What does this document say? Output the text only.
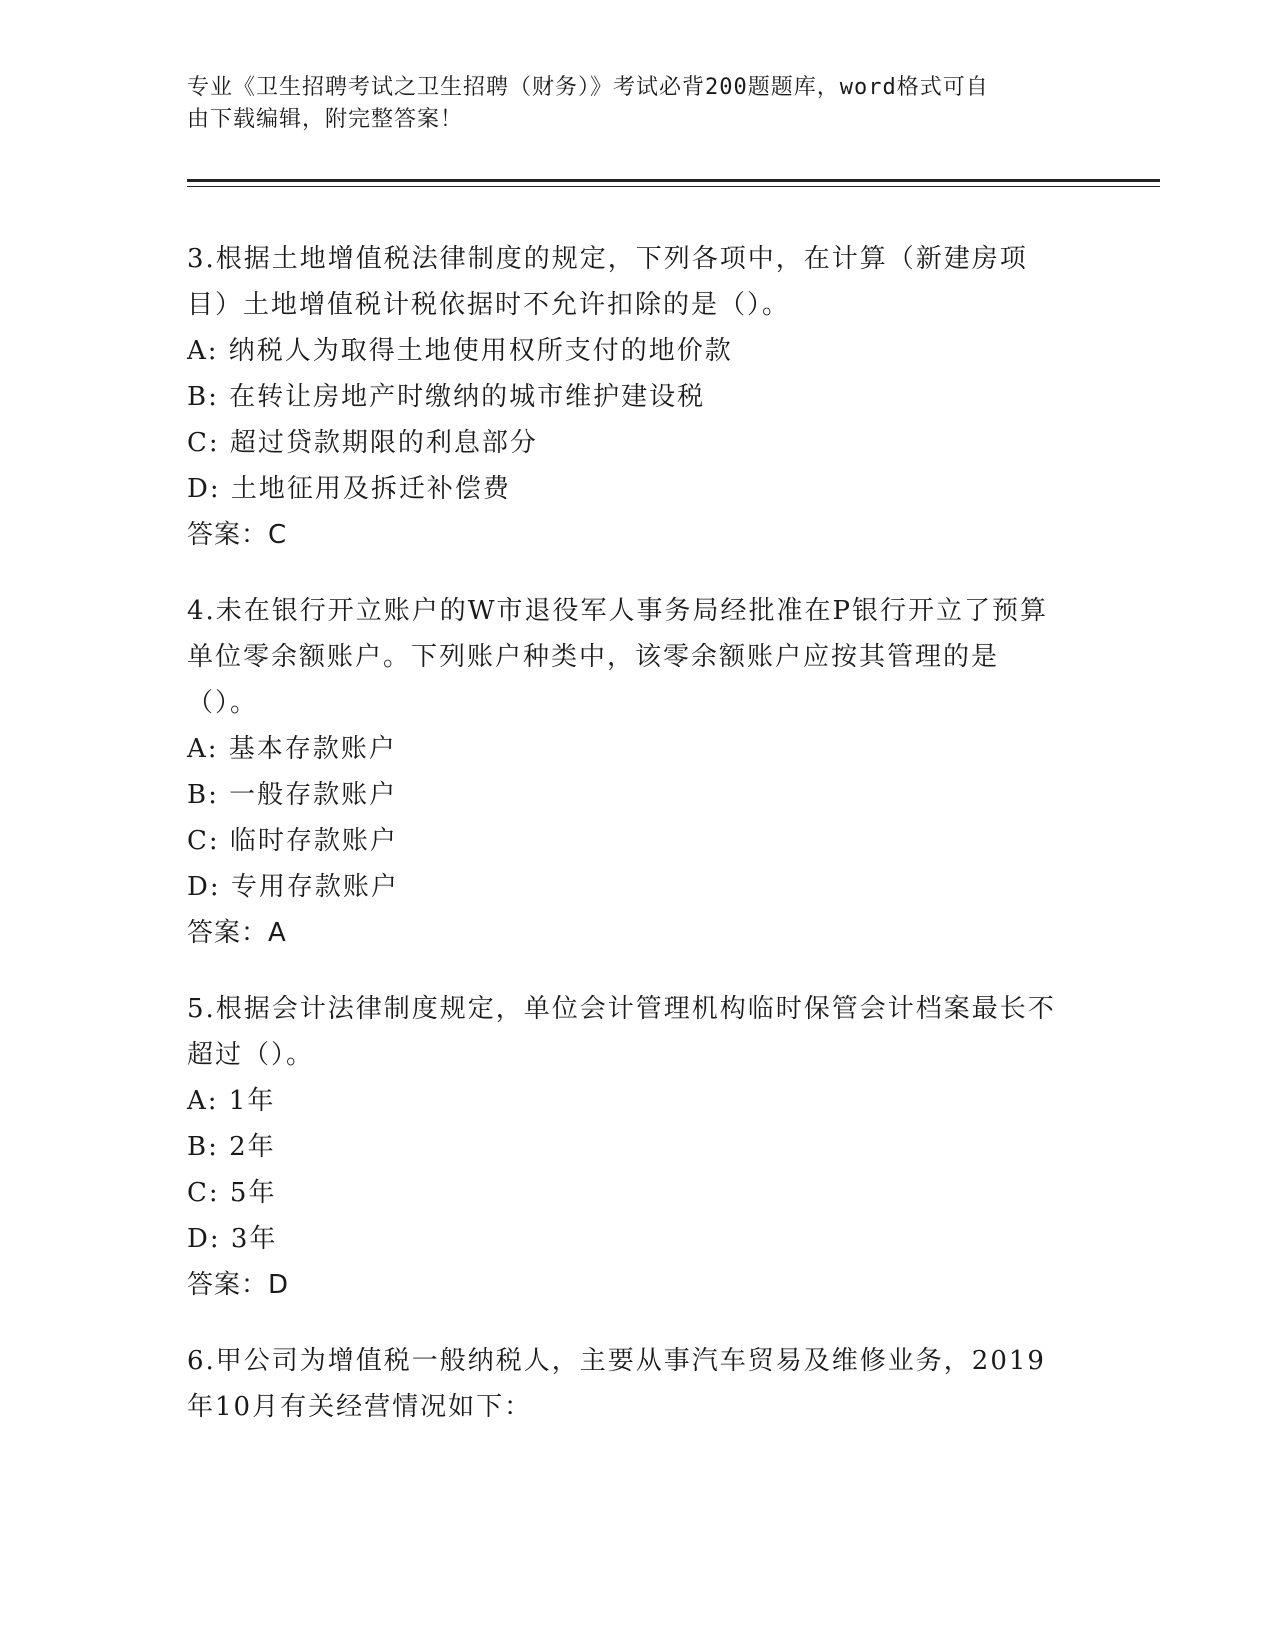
专业《卫生招聘考试之卫生招聘（财务）》考试必背200题题库，word格式可自
由下载编辑，附完整答案！
3.根据土地增值税法律制度的规定，下列各项中，在计算（新建房项目）土地增值税计税依据时不允许扣除的是（）。
A: 纳税人为取得土地使用权所支付的地价款
B: 在转让房地产时缴纳的城市维护建设税
C: 超过贷款期限的利息部分
D: 土地征用及拆迁补偿费
答案：C
4.未在银行开立账户的W市退役军人事务局经批准在P银行开立了预算单位零余额账户。下列账户种类中，该零余额账户应按其管理的是（）。
A: 基本存款账户
B: 一般存款账户
C: 临时存款账户
D: 专用存款账户
答案：A
5.根据会计法律制度规定，单位会计管理机构临时保管会计档案最长不超过（）。
A: 1年
B: 2年
C: 5年
D: 3年
答案：D
6.甲公司为增值税一般纳税人，主要从事汽车贸易及维修业务，2019年10月有关经营情况如下：
